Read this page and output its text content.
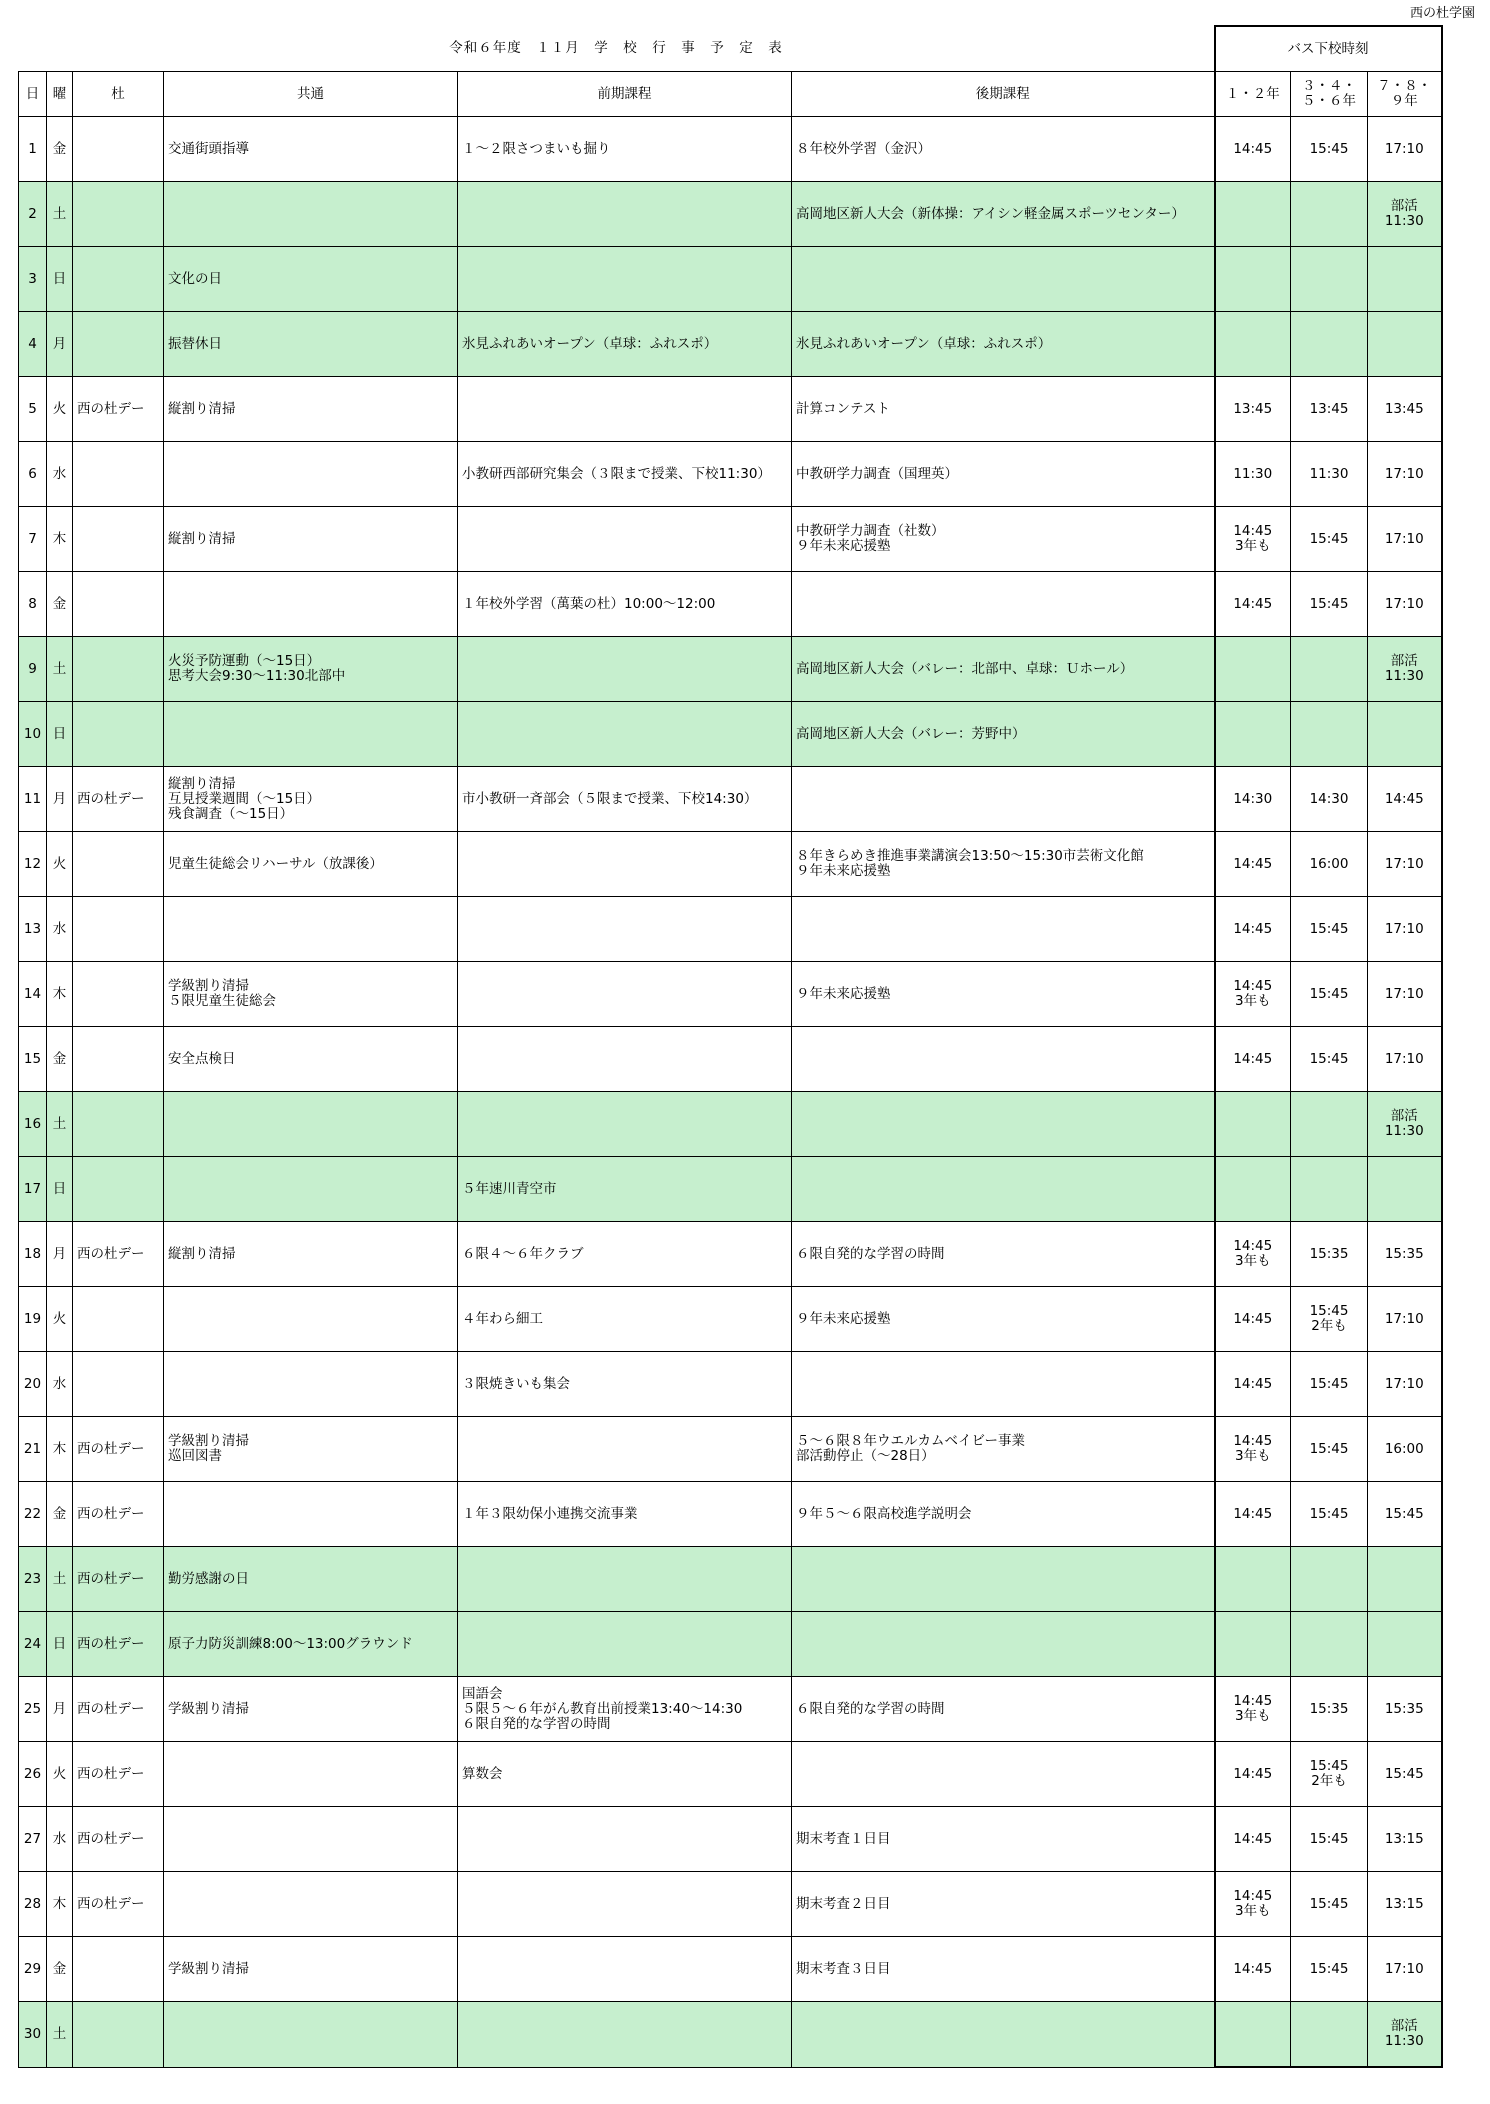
西の杜学園
令和６年度　１１月　学　校　行　事　予　定　表						バス下校時刻			
日	曜	杜	共通	前期課程	後期課程	１・２年	３・４・
５・６年	７・８・
９年	

1	金		交通街頭指導	１～２限さつまいも掘り	８年校外学習（金沢）	14:45	15:45	17:10	

2	土				高岡地区新人大会（新体操：アイシン軽金属スポーツセンター）			部活
11:30	

3	日		文化の日						

4	月		振替休日	氷見ふれあいオープン（卓球：ふれスポ）	氷見ふれあいオープン（卓球：ふれスポ）				

5	火	西の杜デー	縦割り清掃		計算コンテスト	13:45	13:45	13:45	

6	水			小教研西部研究集会（３限まで授業、下校11:30）	中教研学力調査（国理英）	11:30	11:30	17:10	

7	木		縦割り清掃		中教研学力調査（社数）
９年未来応援塾	14:45
3年も	15:45	17:10	

8	金			１年校外学習（萬葉の杜）10:00～12:00		14:45	15:45	17:10	

9	土		火災予防運動（～15日）
思考大会9:30～11:30北部中		高岡地区新人大会（バレー：北部中、卓球：Ｕホール）			部活
11:30	

10	日				高岡地区新人大会（バレー：芳野中）				

11	月	西の杜デー	縦割り清掃
互見授業週間（～15日）
残食調査（～15日）	市小教研一斉部会（５限まで授業、下校14:30）		14:30	14:30	14:45	

12	火		児童生徒総会リハーサル（放課後）		８年きらめき推進事業講演会13:50～15:30市芸術文化館
９年未来応援塾	14:45	16:00	17:10	

13	水					14:45	15:45	17:10	

14	木		学級割り清掃
５限児童生徒総会		９年未来応援塾	14:45
3年も	15:45	17:10	

15	金		安全点検日			14:45	15:45	17:10	

16	土							部活
11:30	

17	日			５年速川青空市					

18	月	西の杜デー	縦割り清掃	６限４～６年クラブ	６限自発的な学習の時間	14:45
3年も	15:35	15:35	

19	火			４年わら細工	９年未来応援塾	14:45	15:45
2年も	17:10	

20	水			３限焼きいも集会		14:45	15:45	17:10	

21	木	西の杜デー	学級割り清掃
巡回図書		５～６限８年ウエルカムベイビー事業
部活動停止（～28日）	14:45
3年も	15:45	16:00	

22	金	西の杜デー		１年３限幼保小連携交流事業	９年５～６限高校進学説明会	14:45	15:45	15:45	

23	土	西の杜デー	勤労感謝の日						

24	日	西の杜デー	原子力防災訓練8:00～13:00グラウンド						

25	月	西の杜デー	学級割り清掃	国語会
５限５～６年がん教育出前授業13:40～14:30
６限自発的な学習の時間	６限自発的な学習の時間	14:45
3年も	15:35	15:35	

26	火	西の杜デー		算数会		14:45	15:45
2年も	15:45	

27	水	西の杜デー			期末考査１日目	14:45	15:45	13:15	

28	木	西の杜デー			期末考査２日目	14:45
3年も	15:45	13:15	

29	金		学級割り清掃		期末考査３日目	14:45	15:45	17:10	

30	土							部活
11:30	
